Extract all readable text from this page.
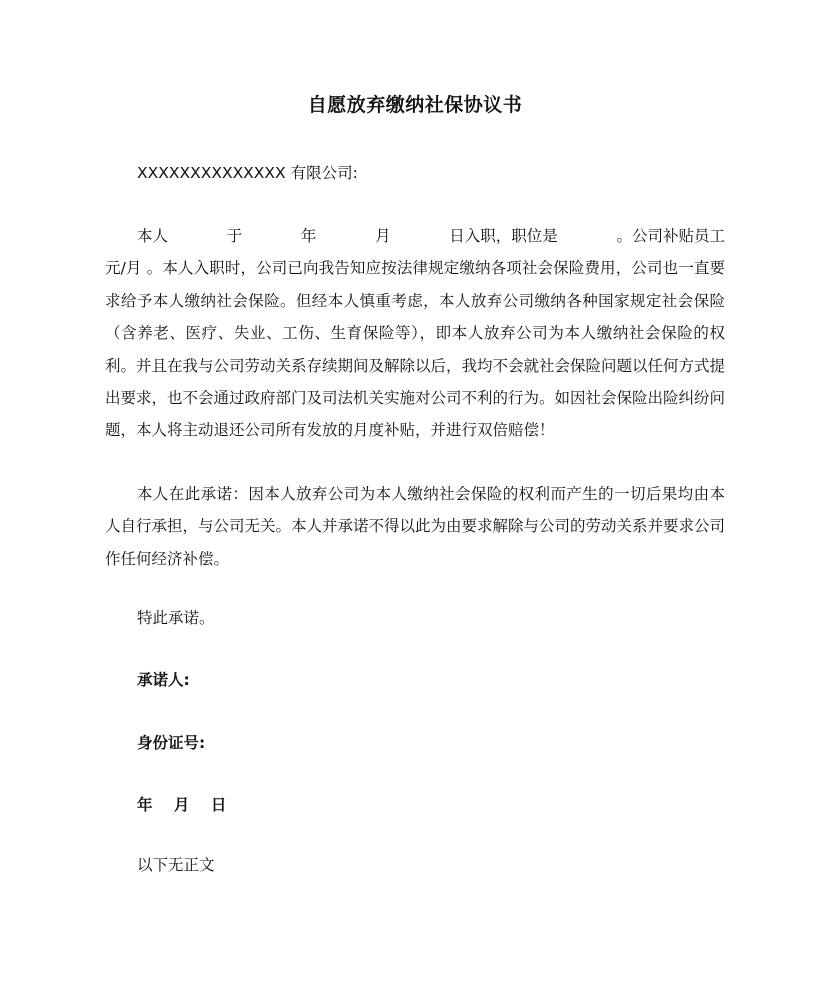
自愿放弃缴纳社保协议书
XXXXXXXXXXXXXX 有限公司:
本人	于	年	月	日入职，职位是	。公司补贴员工
元/月 。本人入职时，公司已向我告知应按法律规定缴纳各项社会保险费用，公司也一直要求给予本人缴纳社会保险。但经本人慎重考虑，本人放弃公司缴纳各种国家规定社会保险（含养老、医疗、失业、工伤、生育保险等），即本人放弃公司为本人缴纳社会保险的权利。并且在我与公司劳动关系存续期间及解除以后，我均不会就社会保险问题以任何方式提出要求，也不会通过政府部门及司法机关实施对公司不利的行为。如因社会保险出险纠纷问题，本人将主动退还公司所有发放的月度补贴，并进行双倍赔偿！
本人在此承诺：因本人放弃公司为本人缴纳社会保险的权利而产生的一切后果均由本人自行承担，与公司无关。本人并承诺不得以此为由要求解除与公司的劳动关系并要求公司作任何经济补偿。
特此承诺。
承诺人:
身份证号:
年 月 日
以下无正文
